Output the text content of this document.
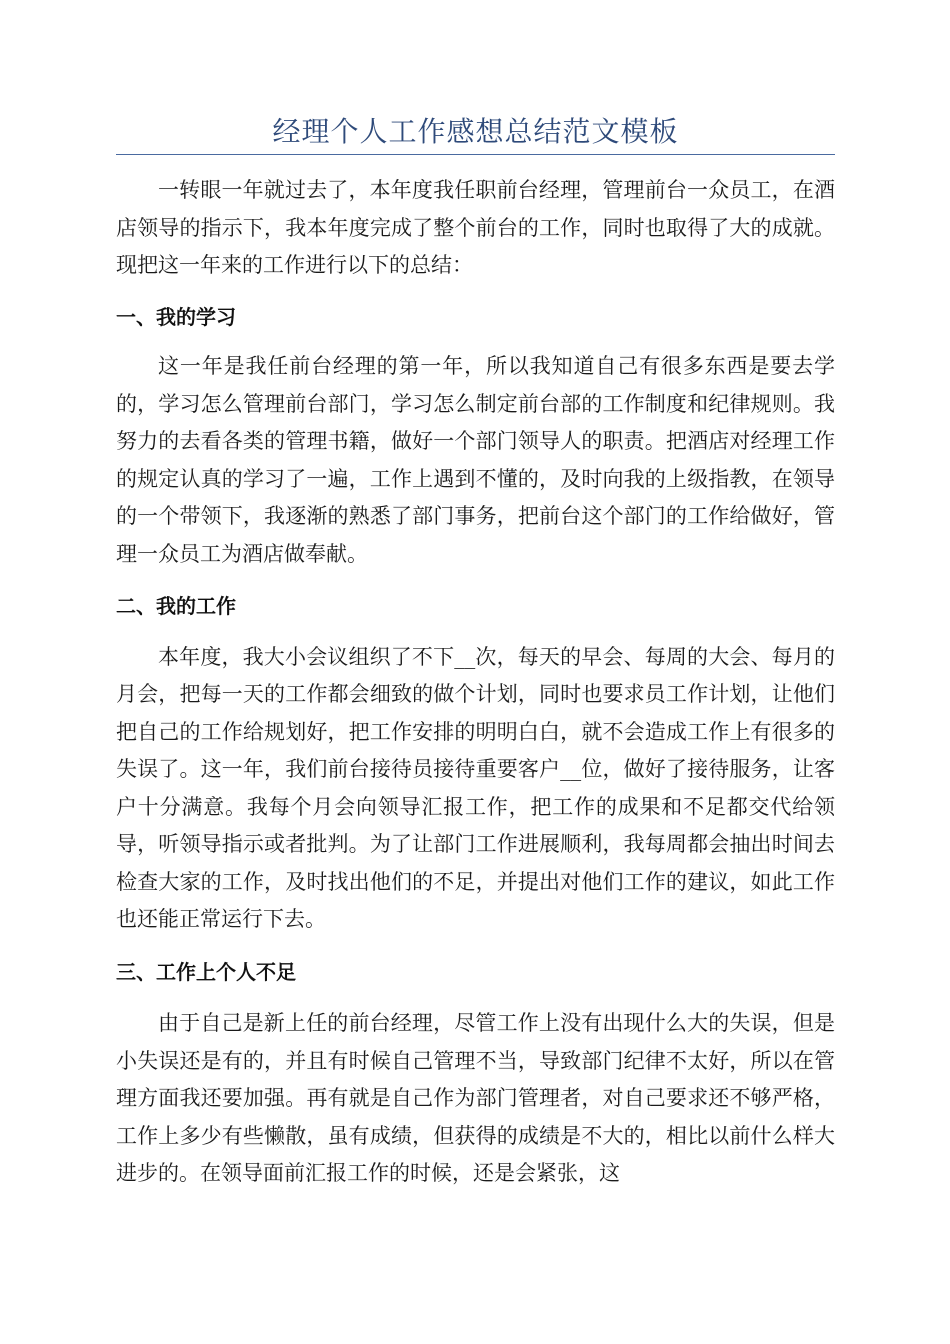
经理个人工作感想总结范文模板

一转眼一年就过去了，本年度我任职前台经理，管理前台一众员工，在酒店领导的指示下，我本年度完成了整个前台的工作，同时也取得了大的成就。现把这一年来的工作进行以下的总结：

一、我的学习

这一年是我任前台经理的第一年，所以我知道自己有很多东西是要去学的，学习怎么管理前台部门，学习怎么制定前台部的工作制度和纪律规则。我努力的去看各类的管理书籍，做好一个部门领导人的职责。把酒店对经理工作的规定认真的学习了一遍，工作上遇到不懂的，及时向我的上级指教，在领导的一个带领下，我逐渐的熟悉了部门事务，把前台这个部门的工作给做好，管理一众员工为酒店做奉献。

二、我的工作

本年度，我大小会议组织了不下__次，每天的早会、每周的大会、每月的月会，把每一天的工作都会细致的做个计划，同时也要求员工作计划，让他们把自己的工作给规划好，把工作安排的明明白白，就不会造成工作上有很多的失误了。这一年，我们前台接待员接待重要客户__位，做好了接待服务，让客户十分满意。我每个月会向领导汇报工作，把工作的成果和不足都交代给领导，听领导指示或者批判。为了让部门工作进展顺利，我每周都会抽出时间去检查大家的工作，及时找出他们的不足，并提出对他们工作的建议，如此工作也还能正常运行下去。

三、工作上个人不足

由于自己是新上任的前台经理，尽管工作上没有出现什么大的失误，但是小失误还是有的，并且有时候自己管理不当，导致部门纪律不太好，所以在管理方面我还要加强。再有就是自己作为部门管理者，对自己要求还不够严格，工作上多少有些懒散，虽有成绩，但获得的成绩是不大的，相比以前什么样大进步的。在领导面前汇报工作的时候，还是会紧张，这
